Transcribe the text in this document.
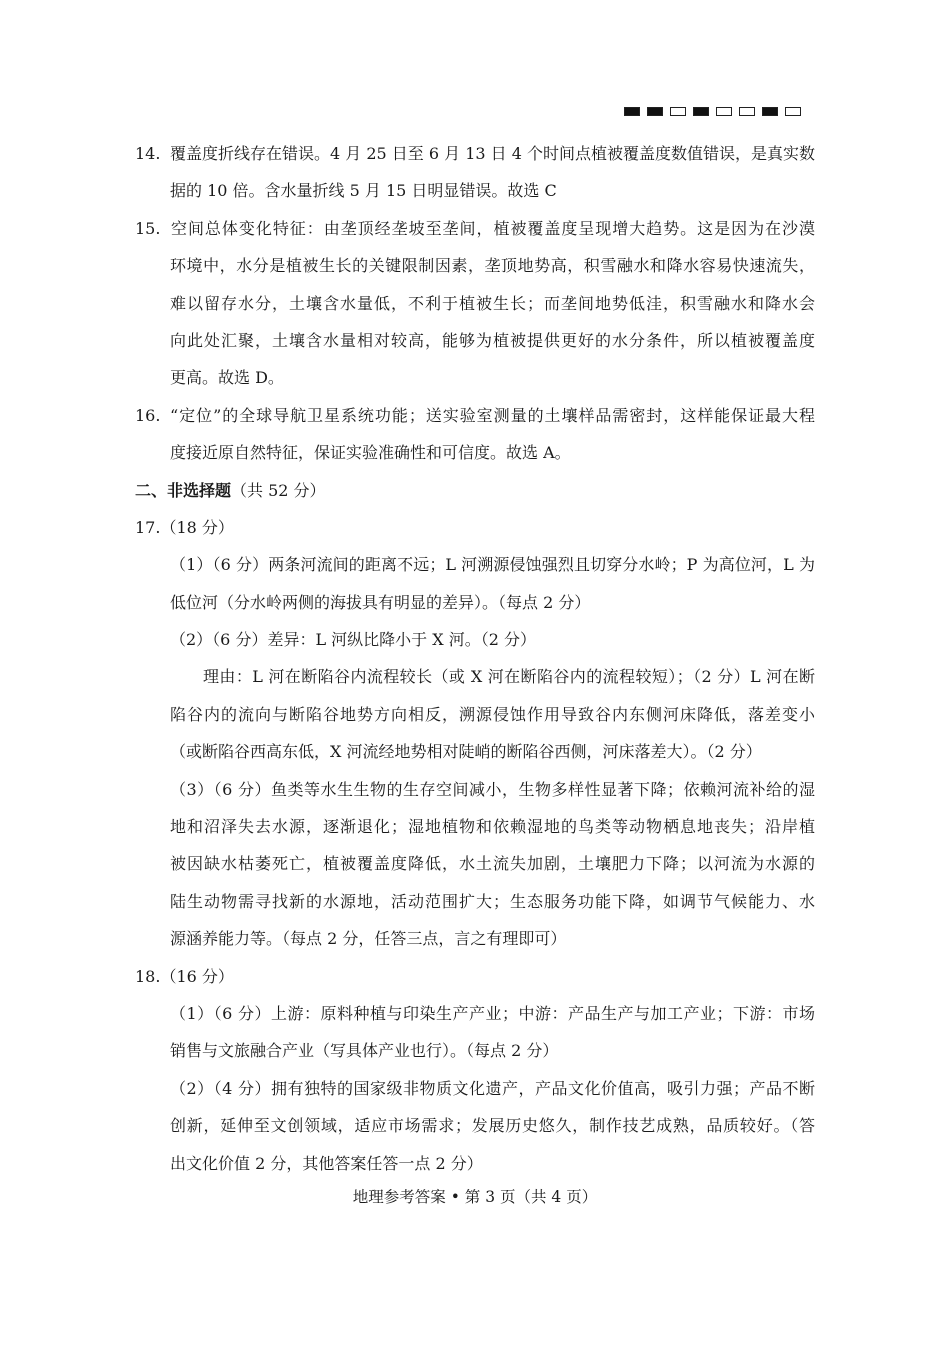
14. 覆盖度折线存在错误。4 月 25 日至 6 月 13 日 4 个时间点植被覆盖度数值错误，是真实数
据的 10 倍。含水量折线 5 月 15 日明显错误。故选 C
15. 空间总体变化特征：由垄顶经垄坡至垄间，植被覆盖度呈现增大趋势。这是因为在沙漠
环境中，水分是植被生长的关键限制因素，垄顶地势高，积雪融水和降水容易快速流失，
难以留存水分，土壤含水量低，不利于植被生长；而垄间地势低洼，积雪融水和降水会
向此处汇聚，土壤含水量相对较高，能够为植被提供更好的水分条件，所以植被覆盖度
更高。故选 D。
16. “定位”的全球导航卫星系统功能；送实验室测量的土壤样品需密封，这样能保证最大程
度接近原自然特征，保证实验准确性和可信度。故选 A。
二、非选择题（共 52 分）
17.（18 分）
（1）（6 分）两条河流间的距离不远；L 河溯源侵蚀强烈且切穿分水岭；P 为高位河，L 为
低位河（分水岭两侧的海拔具有明显的差异）。（每点 2 分）
（2）（6 分）差异：L 河纵比降小于 X 河。（2 分）
理由：L 河在断陷谷内流程较长（或 X 河在断陷谷内的流程较短）；（2 分）L 河在断
陷谷内的流向与断陷谷地势方向相反，溯源侵蚀作用导致谷内东侧河床降低，落差变小
（或断陷谷西高东低，X 河流经地势相对陡峭的断陷谷西侧，河床落差大）。（2 分）
（3）（6 分）鱼类等水生生物的生存空间减小，生物多样性显著下降；依赖河流补给的湿
地和沼泽失去水源，逐渐退化；湿地植物和依赖湿地的鸟类等动物栖息地丧失；沿岸植
被因缺水枯萎死亡，植被覆盖度降低，水土流失加剧，土壤肥力下降；以河流为水源的
陆生动物需寻找新的水源地，活动范围扩大；生态服务功能下降，如调节气候能力、水
源涵养能力等。（每点 2 分，任答三点，言之有理即可）
18.（16 分）
（1）（6 分）上游：原料种植与印染生产产业；中游：产品生产与加工产业；下游：市场
销售与文旅融合产业（写具体产业也行）。（每点 2 分）
（2）（4 分）拥有独特的国家级非物质文化遗产，产品文化价值高，吸引力强；产品不断
创新，延伸至文创领域，适应市场需求；发展历史悠久，制作技艺成熟，品质较好。（答
出文化价值 2 分，其他答案任答一点 2 分）
地理参考答案 • 第 3 页（共 4 页）
